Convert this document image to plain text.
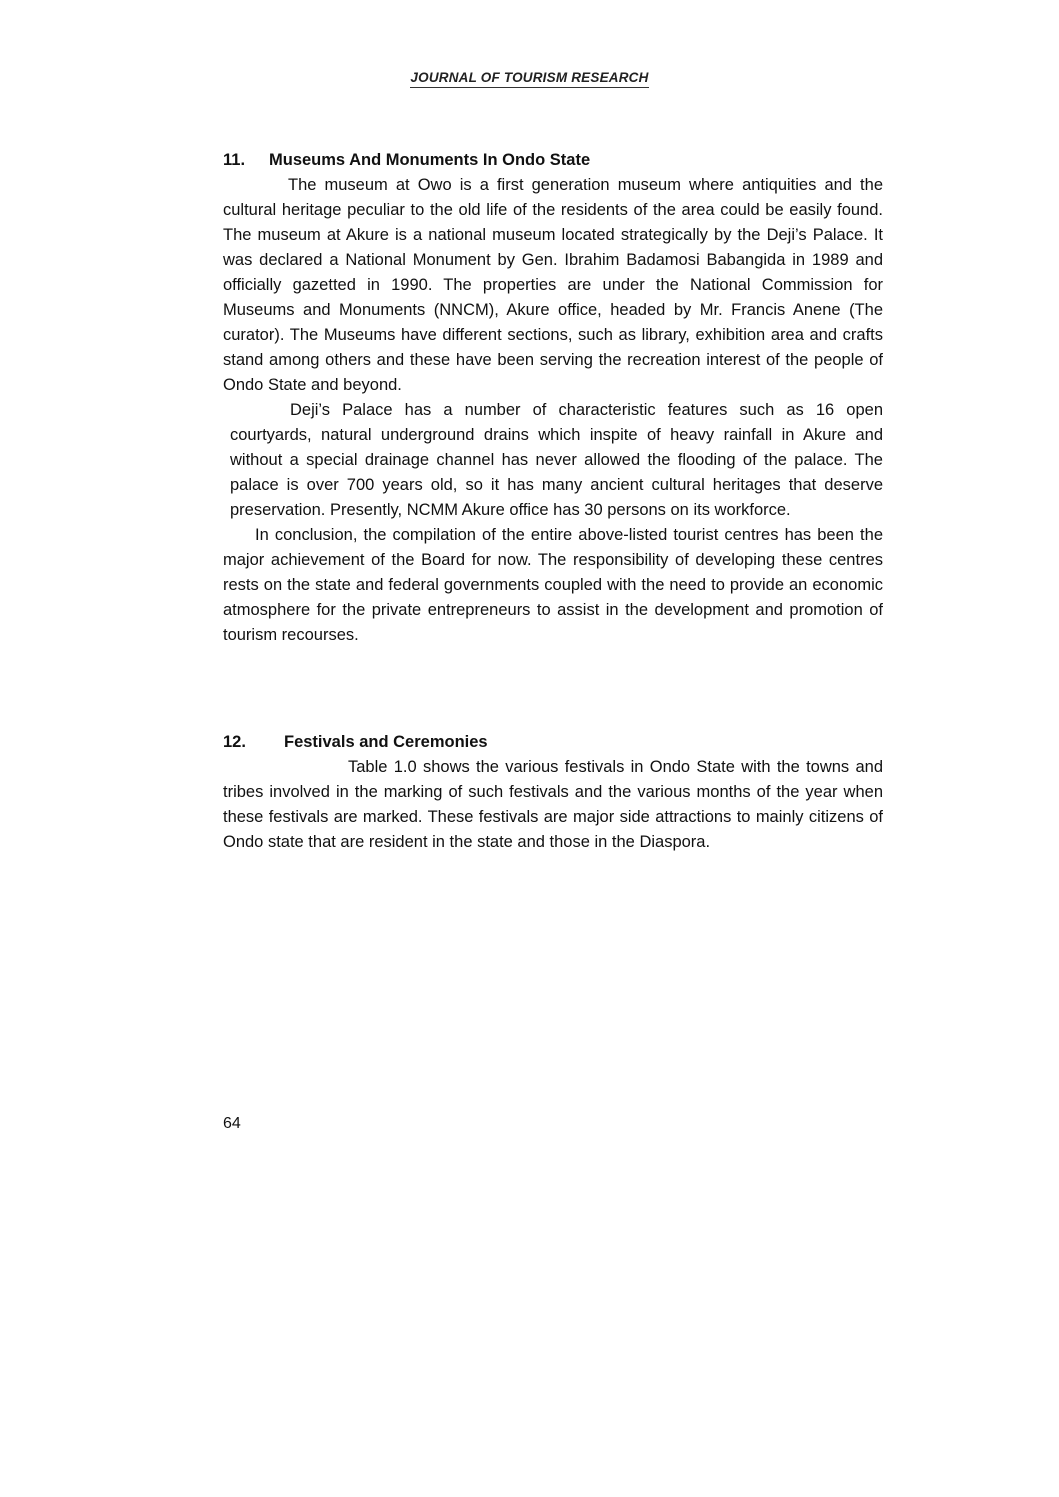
JOURNAL OF TOURISM RESEARCH
11.	Museums And Monuments In Ondo State

The museum at Owo is a first generation museum where antiquities and the cultural heritage peculiar to the old life of the residents of the area could be easily found. The museum at Akure is a national museum located strategically by the Deji’s Palace. It was declared a National Monument by Gen. Ibrahim Badamosi Babangida in 1989 and officially gazetted in 1990. The properties are under the National Commission for Museums and Monuments (NNCM), Akure office, headed by Mr. Francis Anene (The curator). The Museums have different sections, such as library, exhibition area and crafts stand among others and these have been serving the recreation interest of the people of Ondo State and beyond.

Deji’s Palace has a number of characteristic features such as 16 open courtyards, natural underground drains which inspite of heavy rainfall in Akure and without a special drainage channel has never allowed the flooding of the palace. The palace is over 700 years old, so it has many ancient cultural heritages that deserve preservation. Presently, NCMM Akure office has 30 persons on its workforce.

In conclusion, the compilation of the entire above-listed tourist centres has been the major achievement of the Board for now. The responsibility of developing these centres rests on the state and federal governments coupled with the need to provide an economic atmosphere for the private entrepreneurs to assist in the development and promotion of tourism recourses.

12.	Festivals and Ceremonies

Table 1.0 shows the various festivals in Ondo State with the towns and tribes involved in the marking of such festivals and the various months of the year when these festivals are marked. These festivals are major side attractions to mainly citizens of Ondo state that are resident in the state and those in the Diaspora.

64
